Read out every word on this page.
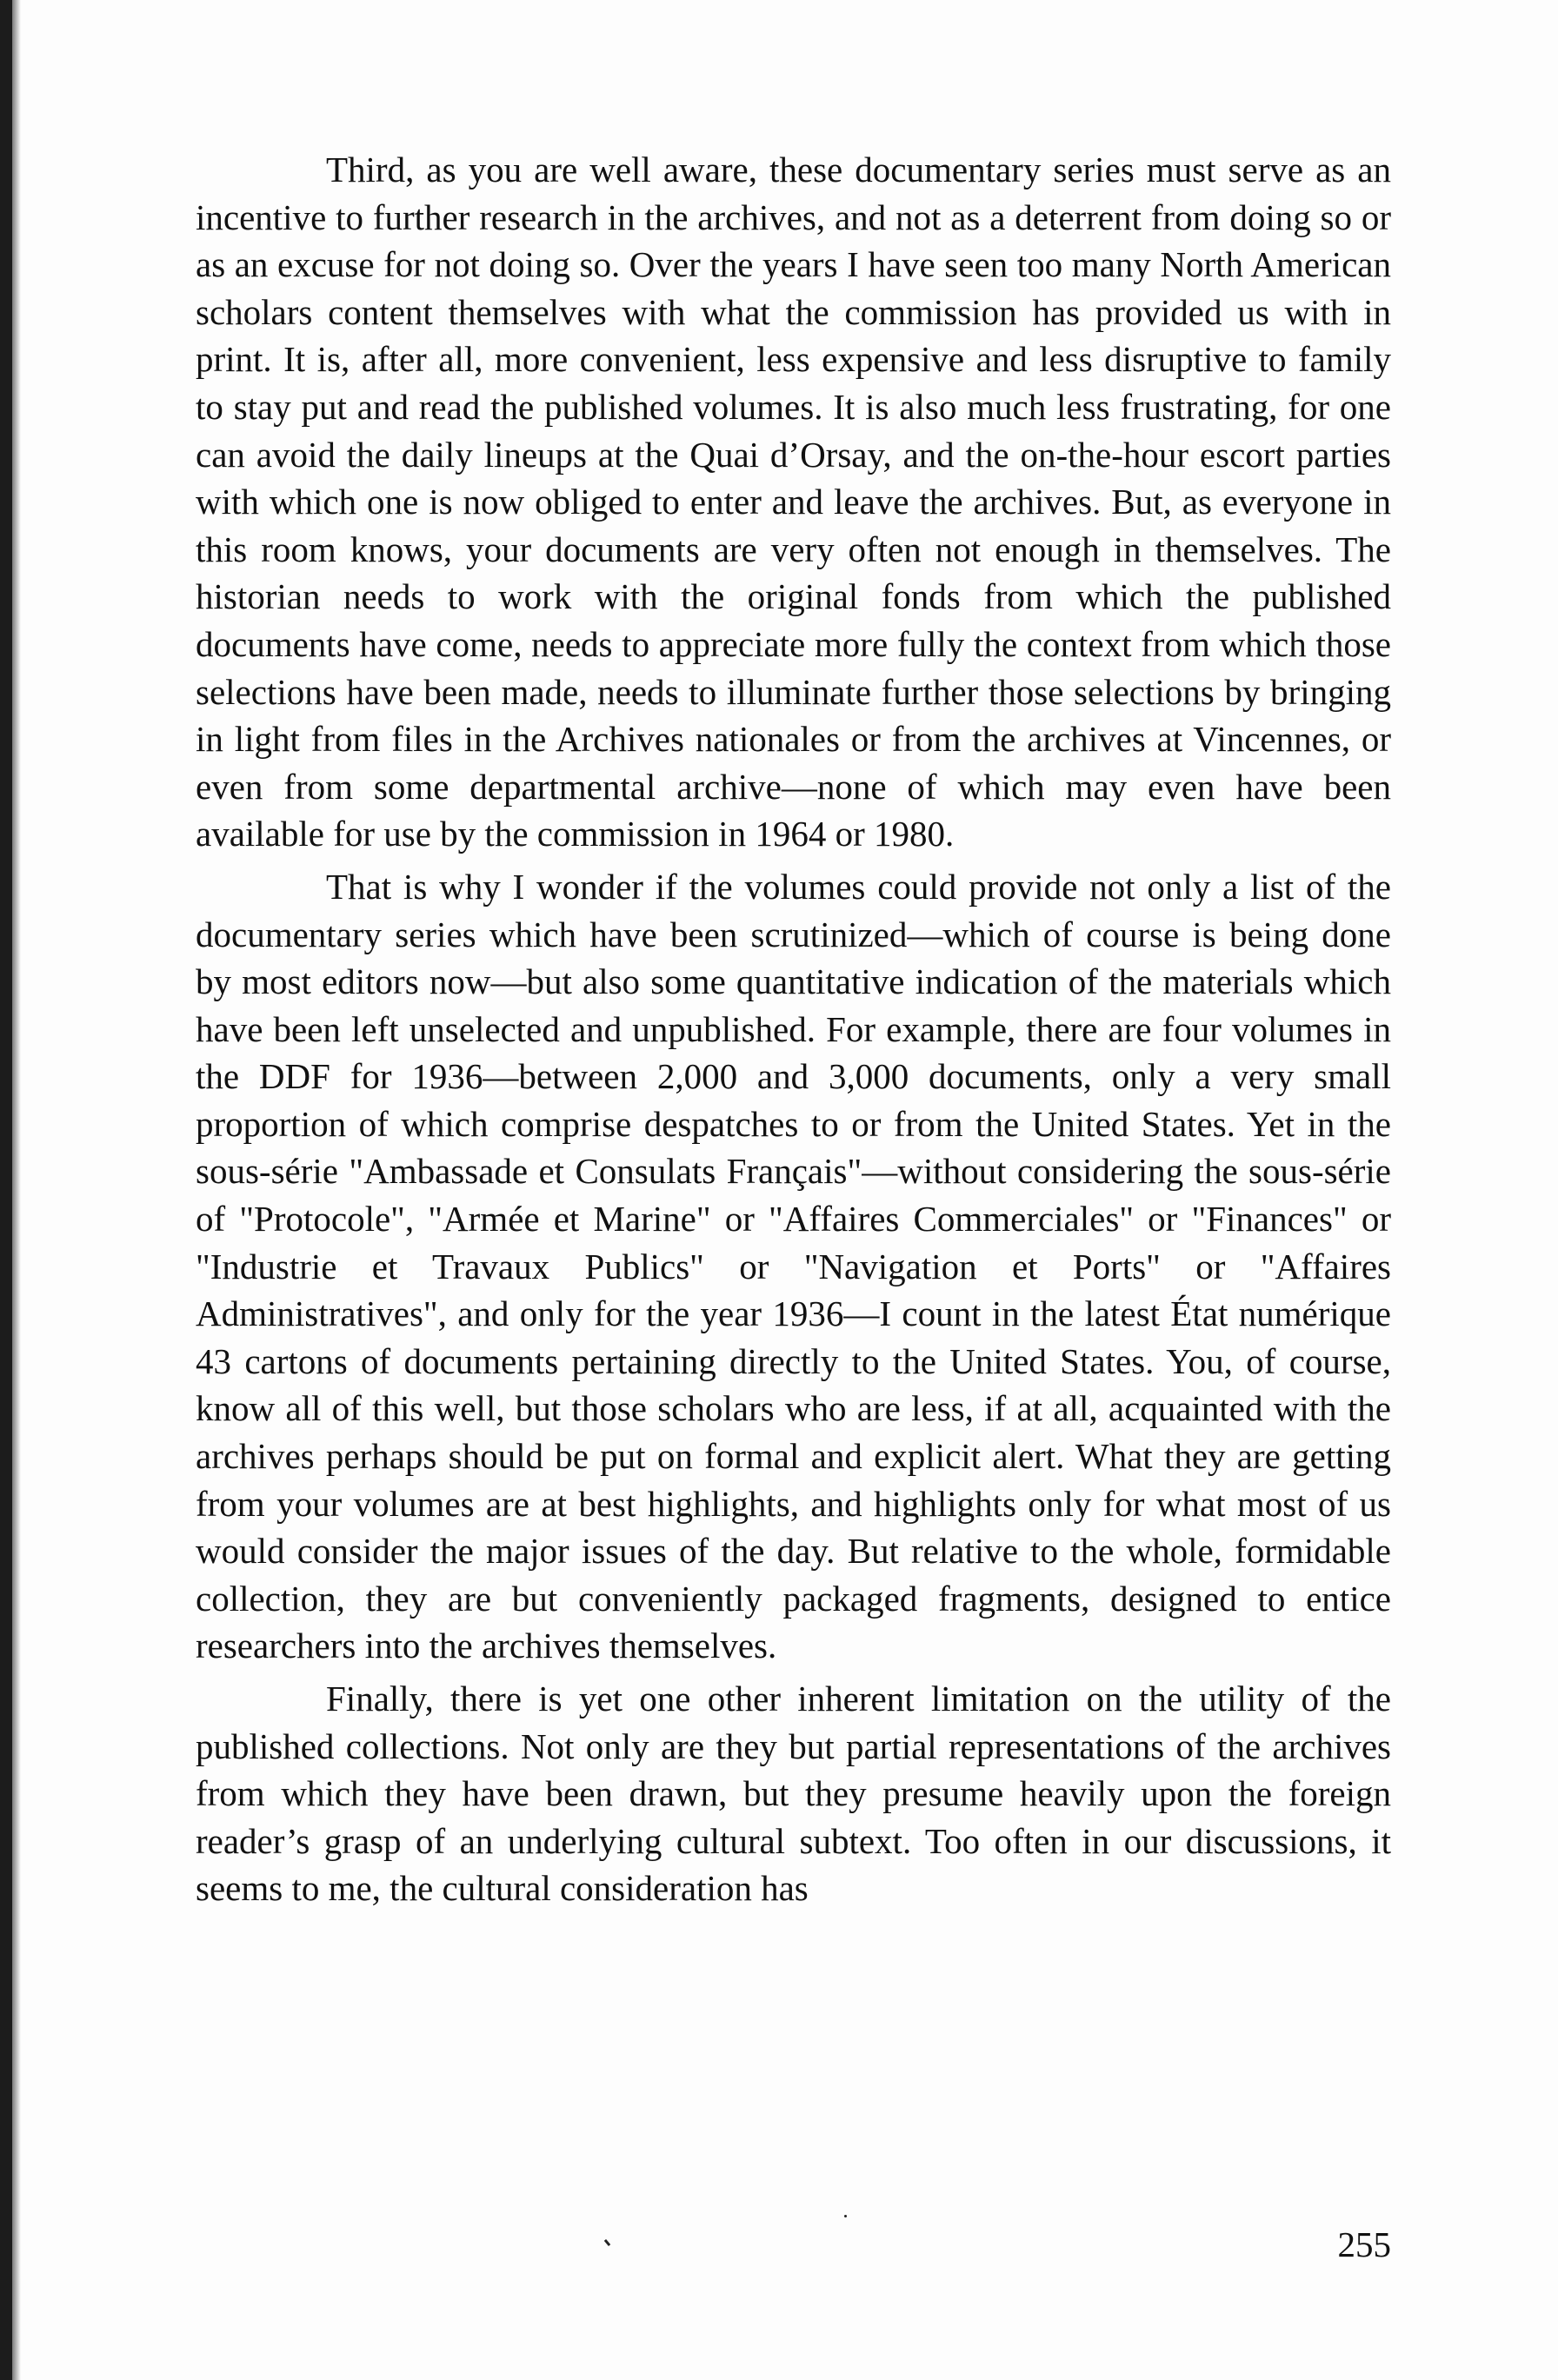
Third, as you are well aware, these documentary series must serve as an incentive to further research in the archives, and not as a deterrent from doing so or as an excuse for not doing so. Over the years I have seen too many North American scholars content themselves with what the commission has provided us with in print. It is, after all, more convenient, less expensive and less disruptive to family to stay put and read the published volumes. It is also much less frustrating, for one can avoid the daily lineups at the Quai d’Orsay, and the on-the-hour escort parties with which one is now obliged to enter and leave the archives. But, as everyone in this room knows, your documents are very often not enough in themselves. The historian needs to work with the original fonds from which the published documents have come, needs to appreciate more fully the context from which those selections have been made, needs to illuminate further those selections by bringing in light from files in the Archives nationales or from the archives at Vincennes, or even from some departmental archive—none of which may even have been available for use by the commission in 1964 or 1980.

That is why I wonder if the volumes could provide not only a list of the documentary series which have been scrutinized—which of course is being done by most editors now—but also some quantitative indication of the materials which have been left unselected and unpublished. For example, there are four volumes in the DDF for 1936—between 2,000 and 3,000 documents, only a very small proportion of which comprise despatches to or from the United States. Yet in the sous-série "Ambassade et Consulats Français"—without considering the sous-série of "Protocole", "Armée et Marine" or "Affaires Commerciales" or "Finances" or "Industrie et Travaux Publics" or "Navigation et Ports" or "Affaires Administratives", and only for the year 1936—I count in the latest État numérique 43 cartons of documents pertaining directly to the United States. You, of course, know all of this well, but those scholars who are less, if at all, acquainted with the archives perhaps should be put on formal and explicit alert. What they are getting from your volumes are at best highlights, and highlights only for what most of us would consider the major issues of the day. But relative to the whole, formidable collection, they are but conveniently packaged fragments, designed to entice researchers into the archives themselves.

Finally, there is yet one other inherent limitation on the utility of the published collections. Not only are they but partial representations of the archives from which they have been drawn, but they presume heavily upon the foreign reader’s grasp of an underlying cultural subtext. Too often in our discussions, it seems to me, the cultural consideration has

255
